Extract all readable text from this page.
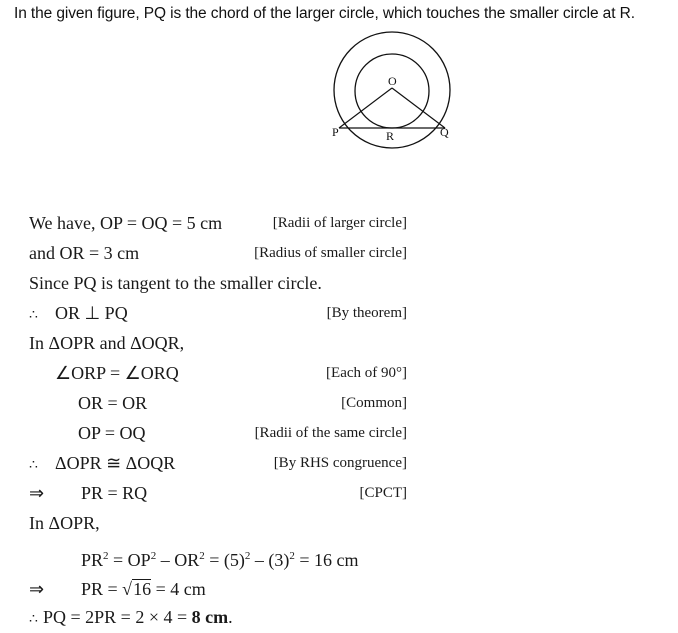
In the given figure, PQ is the chord of the larger circle, which touches the smaller circle at R.
O
P	R	Q
We have, OP = OQ = 5 cm	[Radii of larger circle]
and OR = 3 cm	[Radius of smaller circle]
Since PQ is tangent to the smaller circle.
∴ OR ⊥ PQ	[By theorem]
In ΔOPR and ΔOQR,
∠ORP = ∠ORQ	[Each of 90°]
OR = OR	[Common]
OP = OQ	[Radii of the same circle]
∴ ΔOPR ≅ ΔOQR	[By RHS congruence]
⇒ PR = RQ	[CPCT]
In ΔOPR,
$PR^2 = OP^2 - OR^2 = (5)^2 - (3)^2 = 16$ cm
⇒ PR = √16 = 4 cm
∴ PQ = 2PR = 2 × 4 = 8 cm.
